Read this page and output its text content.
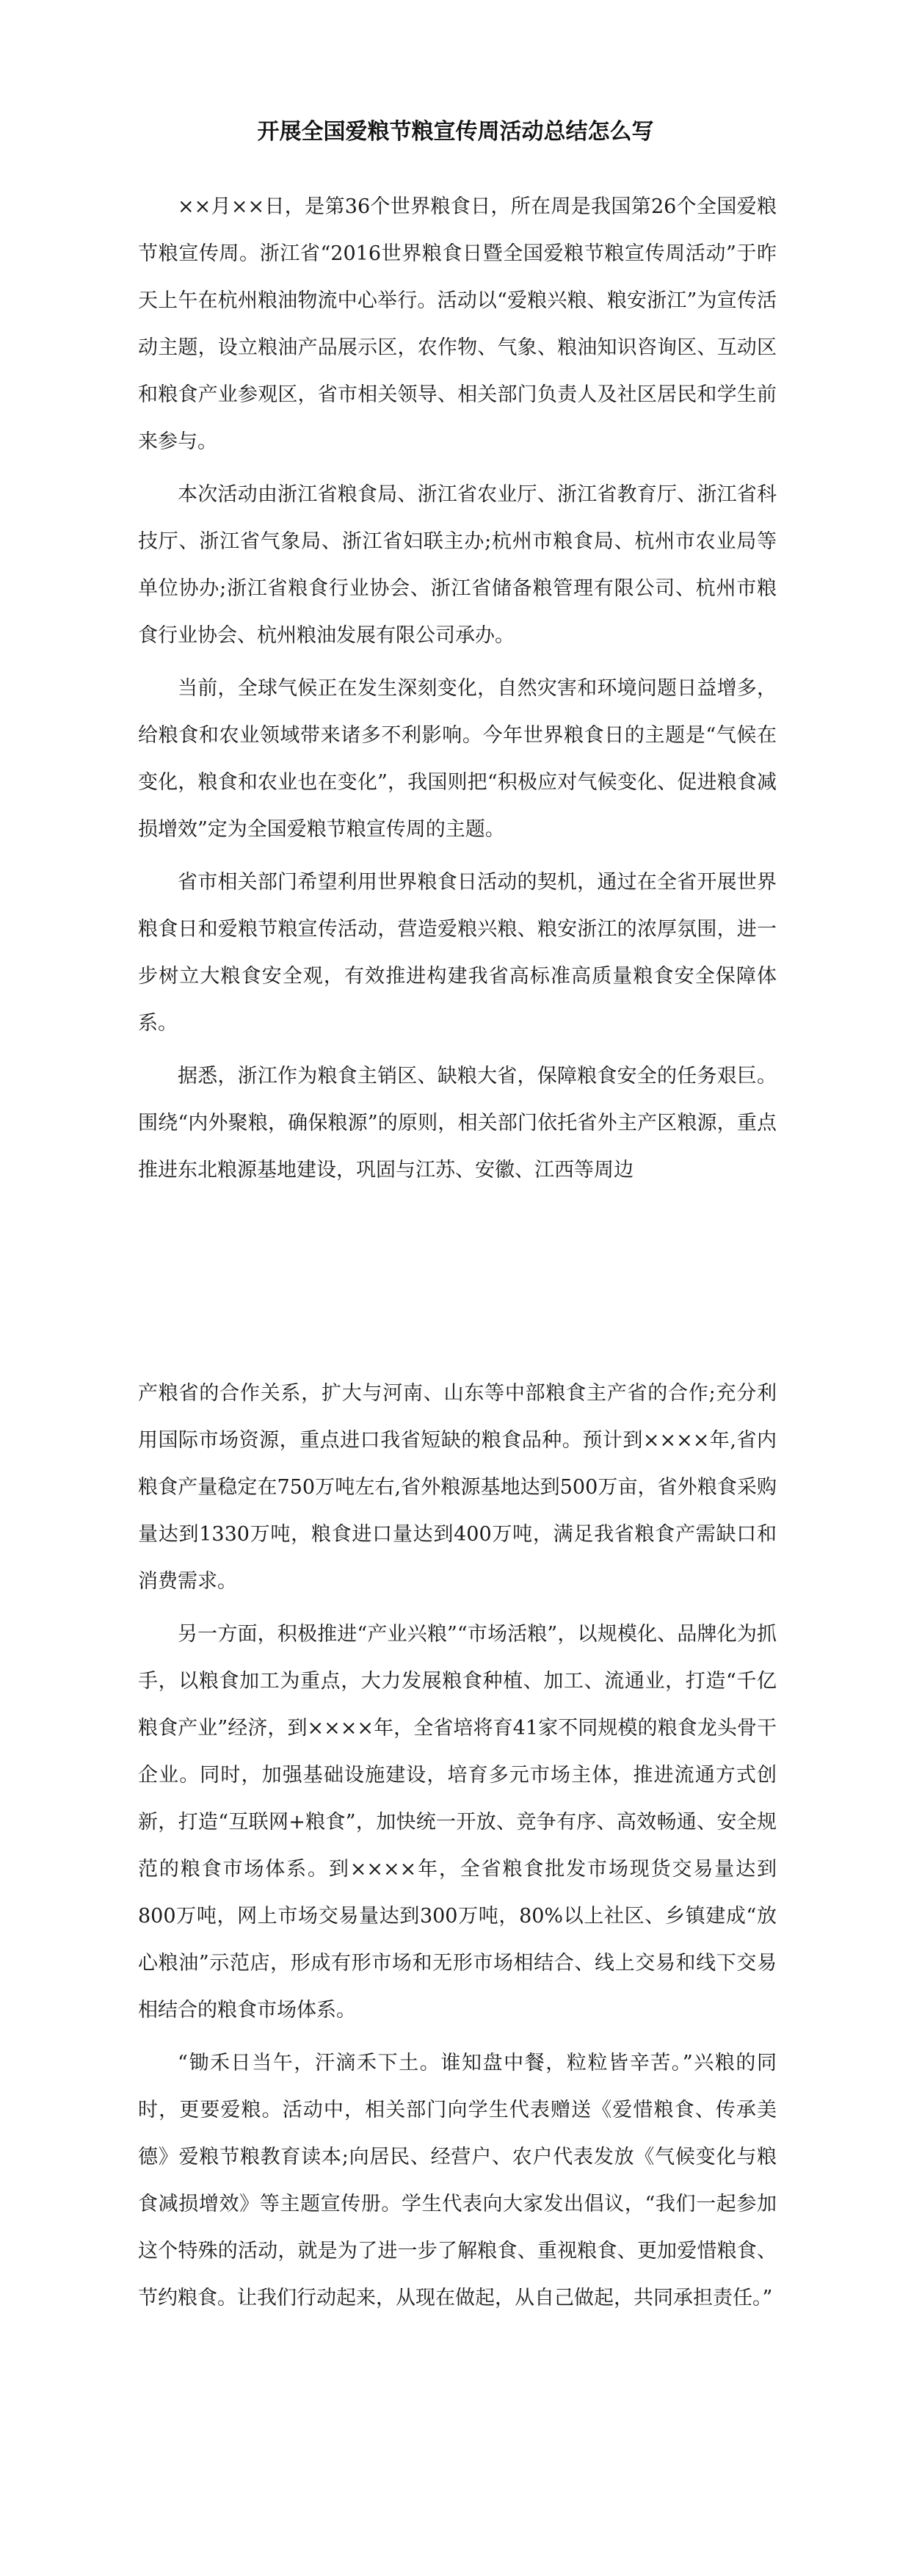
开展全国爱粮节粮宣传周活动总结怎么写

××月××日，是第36个世界粮食日，所在周是我国第26个全国爱粮节粮宣传周。浙江省“2016世界粮食日暨全国爱粮节粮宣传周活动”于昨天上午在杭州粮油物流中心举行。活动以“爱粮兴粮、粮安浙江”为宣传活动主题，设立粮油产品展示区，农作物、气象、粮油知识咨询区、互动区和粮食产业参观区，省市相关领导、相关部门负责人及社区居民和学生前来参与。

本次活动由浙江省粮食局、浙江省农业厅、浙江省教育厅、浙江省科技厅、浙江省气象局、浙江省妇联主办;杭州市粮食局、杭州市农业局等单位协办;浙江省粮食行业协会、浙江省储备粮管理有限公司、杭州市粮食行业协会、杭州粮油发展有限公司承办。

当前，全球气候正在发生深刻变化，自然灾害和环境问题日益增多，给粮食和农业领域带来诸多不利影响。今年世界粮食日的主题是“气候在变化，粮食和农业也在变化”，我国则把“积极应对气候变化、促进粮食减损增效”定为全国爱粮节粮宣传周的主题。

省市相关部门希望利用世界粮食日活动的契机，通过在全省开展世界粮食日和爱粮节粮宣传活动，营造爱粮兴粮、粮安浙江的浓厚氛围，进一步树立大粮食安全观，有效推进构建我省高标准高质量粮食安全保障体系。

据悉，浙江作为粮食主销区、缺粮大省，保障粮食安全的任务艰巨。围绕“内外聚粮，确保粮源”的原则，相关部门依托省外主产区粮源，重点推进东北粮源基地建设，巩固与江苏、安徽、江西等周边

产粮省的合作关系，扩大与河南、山东等中部粮食主产省的合作;充分利用国际市场资源，重点进口我省短缺的粮食品种。预计到××××年,省内粮食产量稳定在750万吨左右,省外粮源基地达到500万亩，省外粮食采购量达到1330万吨，粮食进口量达到400万吨，满足我省粮食产需缺口和消费需求。

另一方面，积极推进“产业兴粮”“市场活粮”，以规模化、品牌化为抓手，以粮食加工为重点，大力发展粮食种植、加工、流通业，打造“千亿粮食产业”经济，到××××年，全省培将育41家不同规模的粮食龙头骨干企业。同时，加强基础设施建设，培育多元市场主体，推进流通方式创新，打造“互联网+粮食”，加快统一开放、竞争有序、高效畅通、安全规范的粮食市场体系。到××××年，全省粮食批发市场现货交易量达到800万吨，网上市场交易量达到300万吨，80%以上社区、乡镇建成“放心粮油”示范店，形成有形市场和无形市场相结合、线上交易和线下交易相结合的粮食市场体系。

“锄禾日当午，汗滴禾下土。谁知盘中餐，粒粒皆辛苦。”兴粮的同时，更要爱粮。活动中，相关部门向学生代表赠送《爱惜粮食、传承美德》爱粮节粮教育读本;向居民、经营户、农户代表发放《气候变化与粮食减损增效》等主题宣传册。学生代表向大家发出倡议，“我们一起参加这个特殊的活动，就是为了进一步了解粮食、重视粮食、更加爱惜粮食、节约粮食。让我们行动起来，从现在做起，从自己做起，共同承担责任。”
